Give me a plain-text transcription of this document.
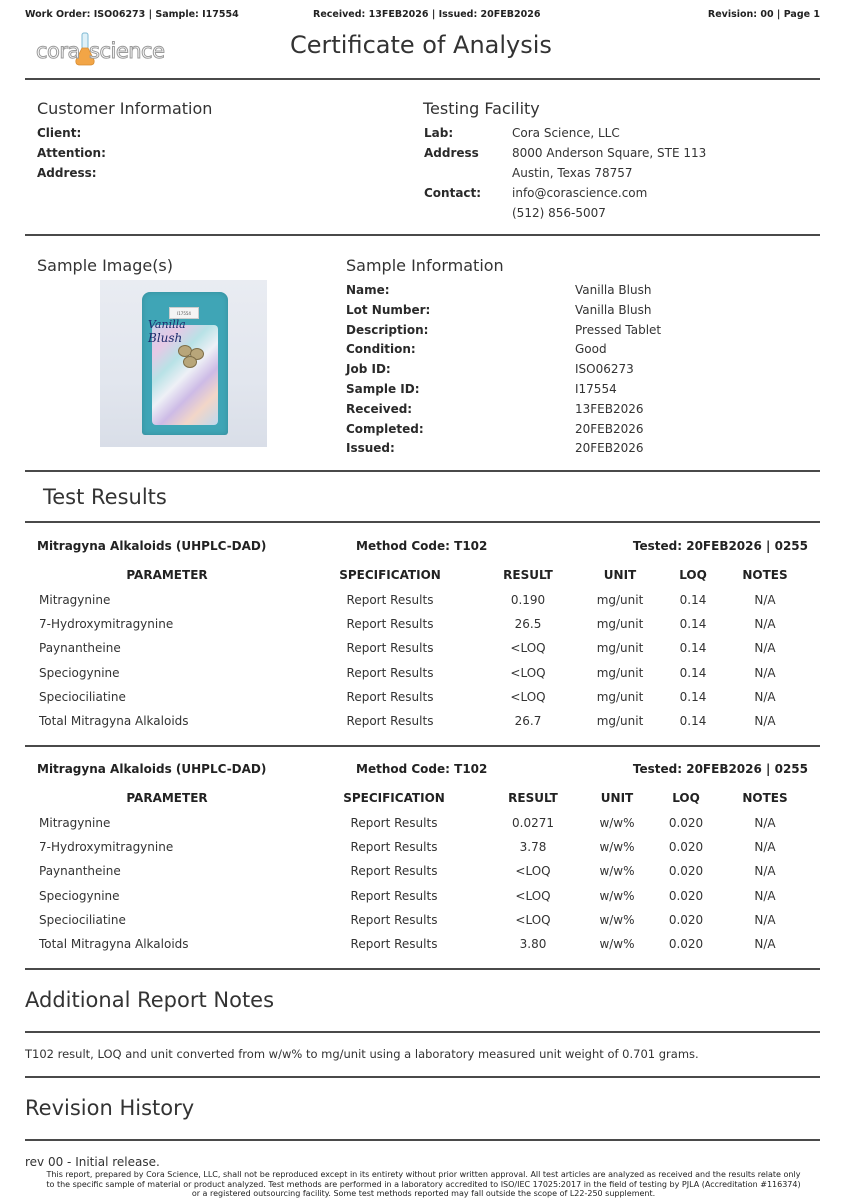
Work Order: ISO06273 | Sample: I17554	Received: 13FEB2026 | Issued: 20FEB2026	Revision: 00 | Page 1
cora science	Certificate of Analysis
Customer Information
Client:
Attention:
Address:
Testing Facility
Lab:	Cora Science, LLC
Address	8000 Anderson Square, STE 113
Austin, Texas 78757
Contact:	info@corascience.com
(512) 856-5007
Sample Image(s)
I17554
Vanilla
Blush
Sample Information
Name:	Vanilla Blush
Lot Number:	Vanilla Blush
Description:	Pressed Tablet
Condition:	Good
Job ID:	ISO06273
Sample ID:	I17554
Received:	13FEB2026
Completed:	20FEB2026
Issued:	20FEB2026
Test Results
Mitragyna Alkaloids (UHPLC-DAD)	Method Code: T102	Tested: 20FEB2026 | 0255
PARAMETER	SPECIFICATION	RESULT	UNIT	LOQ	NOTES
Mitragynine	Report Results	0.190	mg/unit	0.14	N/A
7-Hydroxymitragynine	Report Results	26.5	mg/unit	0.14	N/A
Paynantheine	Report Results	<LOQ	mg/unit	0.14	N/A
Speciogynine	Report Results	<LOQ	mg/unit	0.14	N/A
Speciociliatine	Report Results	<LOQ	mg/unit	0.14	N/A
Total Mitragyna Alkaloids	Report Results	26.7	mg/unit	0.14	N/A
Mitragyna Alkaloids (UHPLC-DAD)	Method Code: T102	Tested: 20FEB2026 | 0255
PARAMETER	SPECIFICATION	RESULT	UNIT	LOQ	NOTES
Mitragynine	Report Results	0.0271	w/w%	0.020	N/A
7-Hydroxymitragynine	Report Results	3.78	w/w%	0.020	N/A
Paynantheine	Report Results	<LOQ	w/w%	0.020	N/A
Speciogynine	Report Results	<LOQ	w/w%	0.020	N/A
Speciociliatine	Report Results	<LOQ	w/w%	0.020	N/A
Total Mitragyna Alkaloids	Report Results	3.80	w/w%	0.020	N/A
Additional Report Notes
T102 result, LOQ and unit converted from w/w% to mg/unit using a laboratory measured unit weight of 0.701 grams.
Revision History
rev 00 - Initial release.
This report, prepared by Cora Science, LLC, shall not be reproduced except in its entirety without prior written approval. All test articles are analyzed as received and the results relate only
to the specific sample of material or product analyzed. Test methods are performed in a laboratory accredited to ISO/IEC 17025:2017 in the field of testing by PJLA (Accreditation #116374)
or a registered outsourcing facility. Some test methods reported may fall outside the scope of L22-250 supplement.
